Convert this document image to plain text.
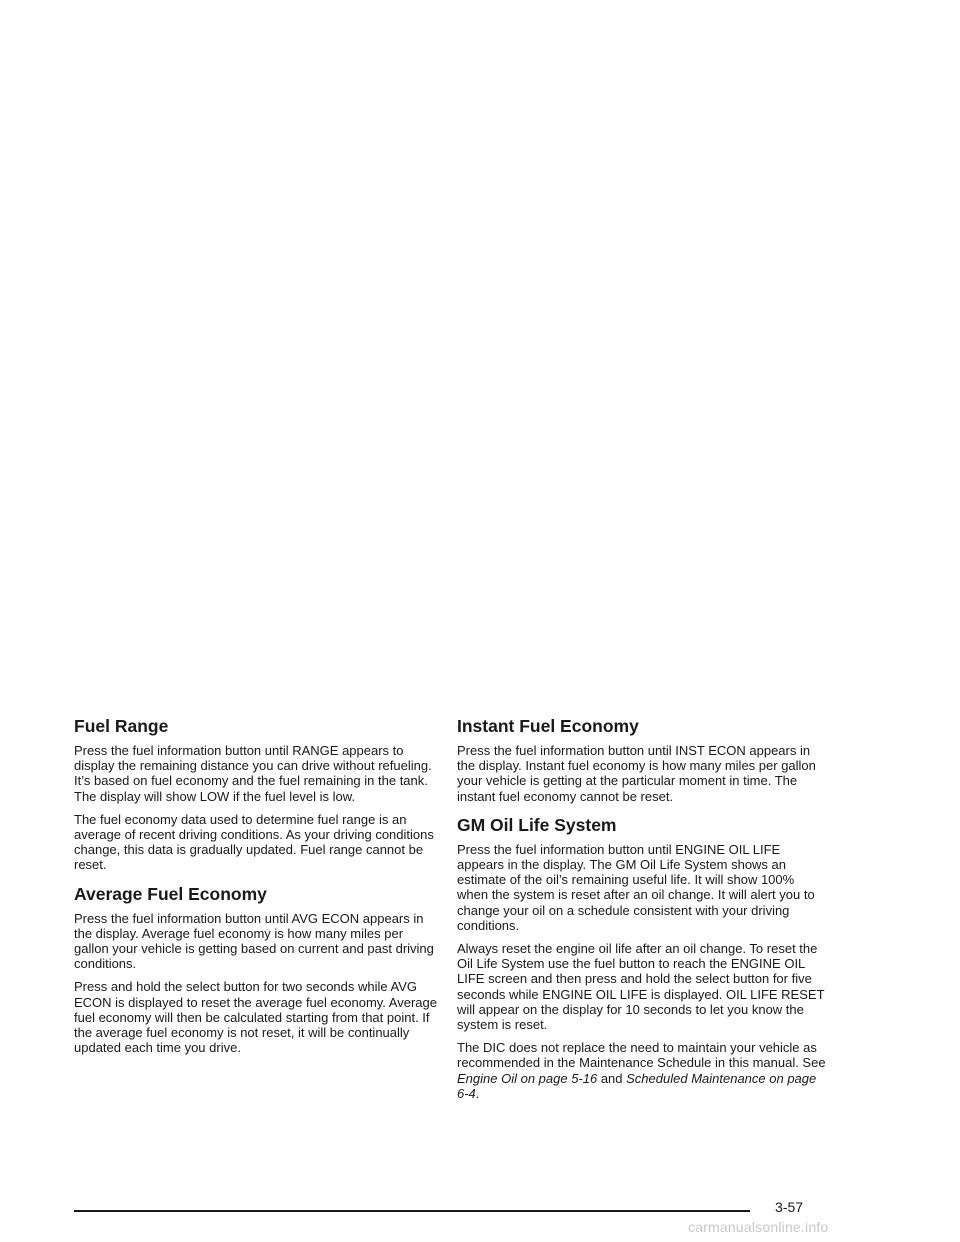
Fuel Range

Press the fuel information button until RANGE appears to display the remaining distance you can drive without refueling. It’s based on fuel economy and the fuel remaining in the tank. The display will show LOW if the fuel level is low.

The fuel economy data used to determine fuel range is an average of recent driving conditions. As your driving conditions change, this data is gradually updated. Fuel range cannot be reset.

Average Fuel Economy

Press the fuel information button until AVG ECON appears in the display. Average fuel economy is how many miles per gallon your vehicle is getting based on current and past driving conditions.

Press and hold the select button for two seconds while AVG ECON is displayed to reset the average fuel economy. Average fuel economy will then be calculated starting from that point. If the average fuel economy is not reset, it will be continually updated each time you drive.

Instant Fuel Economy

Press the fuel information button until INST ECON appears in the display. Instant fuel economy is how many miles per gallon your vehicle is getting at the particular moment in time. The instant fuel economy cannot be reset.

GM Oil Life System

Press the fuel information button until ENGINE OIL LIFE appears in the display. The GM Oil Life System shows an estimate of the oil’s remaining useful life. It will show 100% when the system is reset after an oil change. It will alert you to change your oil on a schedule consistent with your driving conditions.

Always reset the engine oil life after an oil change. To reset the Oil Life System use the fuel button to reach the ENGINE OIL LIFE screen and then press and hold the select button for five seconds while ENGINE OIL LIFE is displayed. OIL LIFE RESET will appear on the display for 10 seconds to let you know the system is reset.

The DIC does not replace the need to maintain your vehicle as recommended in the Maintenance Schedule in this manual. See Engine Oil on page 5-16 and Scheduled Maintenance on page 6-4.

3-57
carmanualsonline.info
